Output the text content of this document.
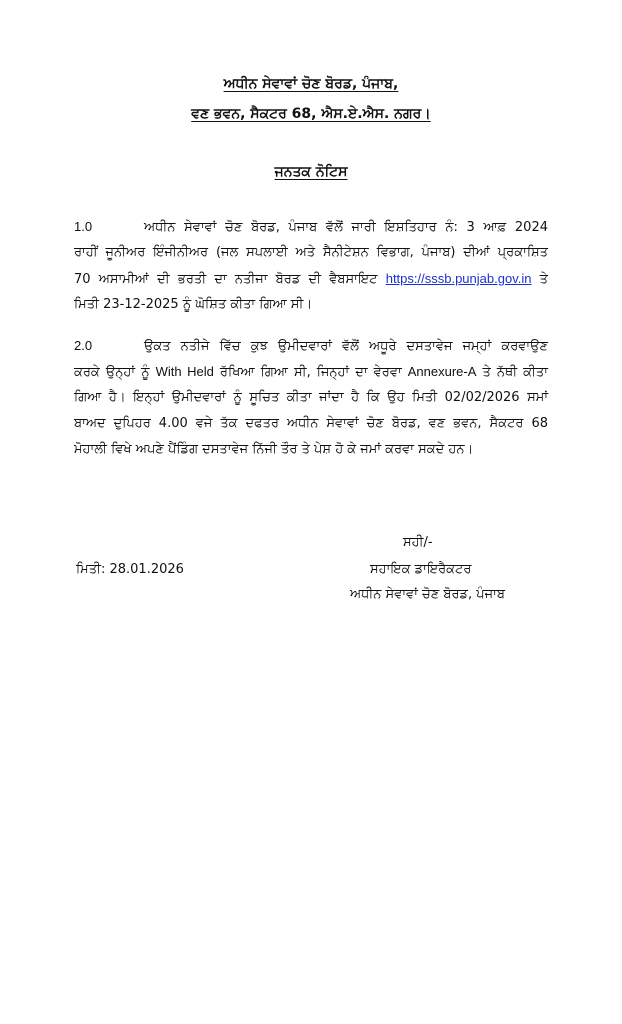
ਅਧੀਨ ਸੇਵਾਵਾਂ ਚੋਣ ਬੋਰਡ, ਪੰਜਾਬ,
ਵਣ ਭਵਨ, ਸੈਕਟਰ 68, ਐਸ.ਏ.ਐਸ. ਨਗਰ।
ਜਨਤਕ ਨੋਟਿਸ
1.0	ਅਧੀਨ ਸੇਵਾਵਾਂ ਚੋਣ ਬੋਰਡ, ਪੰਜਾਬ ਵੱਲੋਂ ਜਾਰੀ ਇਸ਼ਤਿਹਾਰ ਨੰ: 3 ਆਫ਼ 2024
ਰਾਹੀਂ ਜੂਨੀਅਰ ਇੰਜੀਨੀਅਰ (ਜਲ ਸਪਲਾਈ ਅਤੇ ਸੈਨੀਟੇਸ਼ਨ ਵਿਭਾਗ, ਪੰਜਾਬ) ਦੀਆਂ ਪ੍ਰਕਾਸ਼ਿਤ
70 ਅਸਾਮੀਆਂ ਦੀ ਭਰਤੀ ਦਾ ਨਤੀਜਾ ਬੋਰਡ ਦੀ ਵੈਬਸਾਇਟ https://sssb.punjab.gov.in ਤੇ
ਮਿਤੀ 23-12-2025 ਨੂੰ ਘੋਸ਼ਿਤ ਕੀਤਾ ਗਿਆ ਸੀ।
2.0	ਉਕਤ ਨਤੀਜੇ ਵਿੱਚ ਕੁਝ ਉਮੀਦਵਾਰਾਂ ਵੱਲੋਂ ਅਧੂਰੇ ਦਸਤਾਵੇਜ ਜਮ੍ਹਾਂ ਕਰਵਾਉਣ
ਕਰਕੇ ਉਨ੍ਹਾਂ ਨੂੰ With Held ਰੱਖਿਆ ਗਿਆ ਸੀ, ਜਿਨ੍ਹਾਂ ਦਾ ਵੇਰਵਾ Annexure-A ਤੇ ਨੱਥੀ ਕੀਤਾ
ਗਿਆ ਹੈ। ਇਨ੍ਹਾਂ ਉਮੀਦਵਾਰਾਂ ਨੂੰ ਸੂਚਿਤ ਕੀਤਾ ਜਾਂਦਾ ਹੈ ਕਿ ਉਹ ਮਿਤੀ 02/02/2026 ਸਮਾਂ
ਬਾਅਦ ਦੁਪਿਹਰ 4.00 ਵਜੇ ਤੱਕ ਦਫਤਰ ਅਧੀਨ ਸੇਵਾਵਾਂ ਚੋਣ ਬੋਰਡ, ਵਣ ਭਵਨ, ਸੈਕਟਰ 68
ਮੋਹਾਲੀ ਵਿਖੇ ਅਪਣੇ ਪੈਂਡਿੰਗ ਦਸਤਾਵੇਜ ਨਿੱਜੀ ਤੌਰ ਤੇ ਪੇਸ਼ ਹੋ ਕੇ ਜਮਾਂ ਕਰਵਾ ਸਕਦੇ ਹਨ।
ਸਹੀ/-
ਮਿਤੀ: 28.01.2026	ਸਹਾਇਕ ਡਾਇਰੈਕਟਰ
ਅਧੀਨ ਸੇਵਾਵਾਂ ਚੋਣ ਬੋਰਡ, ਪੰਜਾਬ
